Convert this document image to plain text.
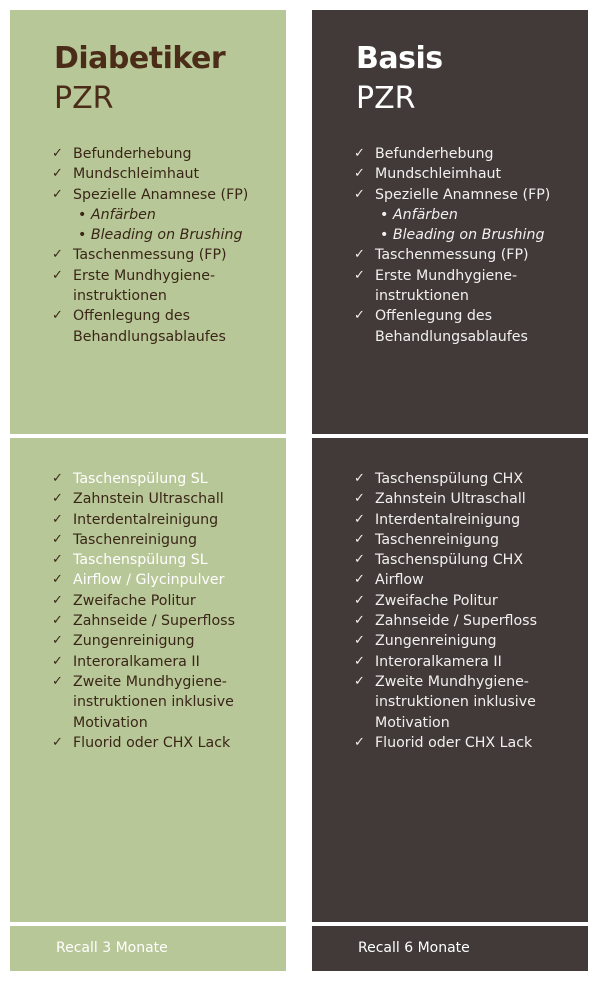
Diabetiker
PZR
✓ Befunderhebung
✓ Mundschleimhaut
✓ Spezielle Anamnese (FP)
• Anfärben
• Bleading on Brushing
✓ Taschenmessung (FP)
✓ Erste Mundhygiene-
instruktionen
✓ Offenlegung des
Behandlungsablaufes
✓ Taschenspülung SL
✓ Zahnstein Ultraschall
✓ Interdentalreinigung
✓ Taschenreinigung
✓ Taschenspülung SL
✓ Airflow / Glycinpulver
✓ Zweifache Politur
✓ Zahnseide / Superfloss
✓ Zungenreinigung
✓ Interoralkamera II
✓ Zweite Mundhygiene-
instruktionen inklusive
Motivation
✓ Fluorid oder CHX Lack
Recall 3 Monate
Basis
PZR
✓ Befunderhebung
✓ Mundschleimhaut
✓ Spezielle Anamnese (FP)
• Anfärben
• Bleading on Brushing
✓ Taschenmessung (FP)
✓ Erste Mundhygiene-
instruktionen
✓ Offenlegung des
Behandlungsablaufes
✓ Taschenspülung CHX
✓ Zahnstein Ultraschall
✓ Interdentalreinigung
✓ Taschenreinigung
✓ Taschenspülung CHX
✓ Airflow
✓ Zweifache Politur
✓ Zahnseide / Superfloss
✓ Zungenreinigung
✓ Interoralkamera II
✓ Zweite Mundhygiene-
instruktionen inklusive
Motivation
✓ Fluorid oder CHX Lack
Recall 6 Monate
